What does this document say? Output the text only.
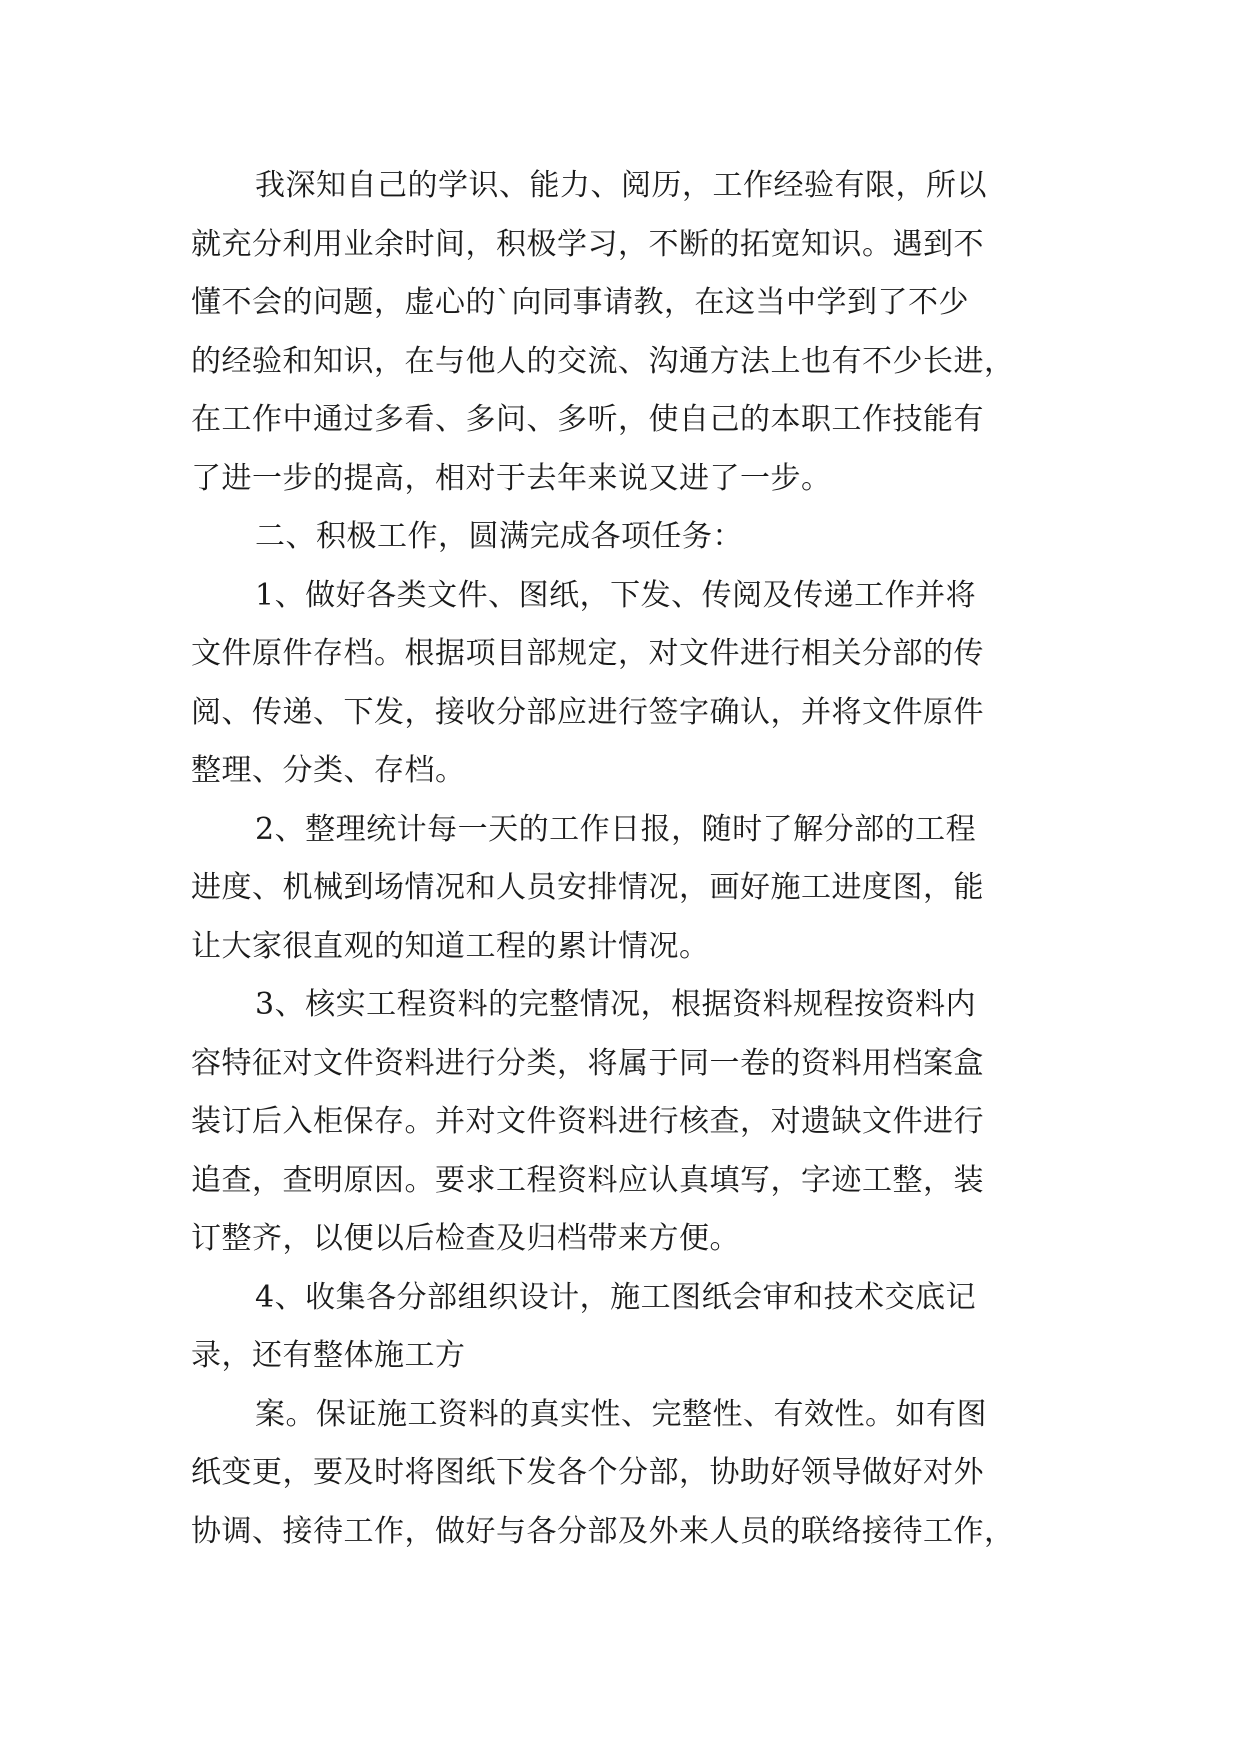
我深知自己的学识、能力、阅历，工作经验有限，所以
就充分利用业余时间，积极学习，不断的拓宽知识。遇到不
懂不会的问题，虚心的`向同事请教，在这当中学到了不少
的经验和知识，在与他人的交流、沟通方法上也有不少长进，
在工作中通过多看、多问、多听，使自己的本职工作技能有
了进一步的提高，相对于去年来说又进了一步。

二、积极工作，圆满完成各项任务：

1、做好各类文件、图纸，下发、传阅及传递工作并将
文件原件存档。根据项目部规定，对文件进行相关分部的传
阅、传递、下发，接收分部应进行签字确认，并将文件原件
整理、分类、存档。

2、整理统计每一天的工作日报，随时了解分部的工程
进度、机械到场情况和人员安排情况，画好施工进度图，能
让大家很直观的知道工程的累计情况。

3、核实工程资料的完整情况，根据资料规程按资料内
容特征对文件资料进行分类，将属于同一卷的资料用档案盒
装订后入柜保存。并对文件资料进行核查，对遗缺文件进行
追查，查明原因。要求工程资料应认真填写，字迹工整，装
订整齐，以便以后检查及归档带来方便。

4、收集各分部组织设计，施工图纸会审和技术交底记
录，还有整体施工方

案。保证施工资料的真实性、完整性、有效性。如有图
纸变更，要及时将图纸下发各个分部，协助好领导做好对外
协调、接待工作，做好与各分部及外来人员的联络接待工作，
